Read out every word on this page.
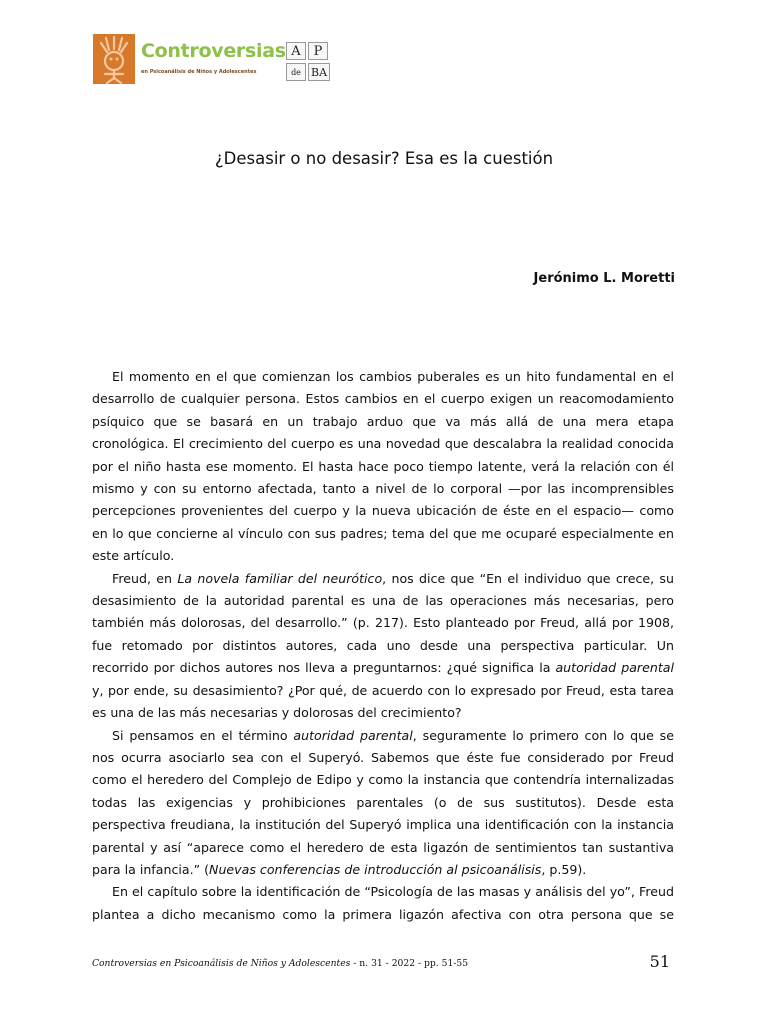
Controversias
en Psicoanálisis de Niños y Adolescentes
A P
de BA
¿Desasir o no desasir? Esa es la cuestión
Jerónimo L. Moretti

El momento en el que comienzan los cambios puberales es un hito fundamental en el desarrollo de cualquier persona. Estos cambios en el cuerpo exigen un reacomodamiento psíquico que se basará en un trabajo arduo que va más allá de una mera etapa cronológica. El crecimiento del cuerpo es una novedad que descalabra la realidad conocida por el niño hasta ese momento. El hasta hace poco tiempo latente, verá la relación con él mismo y con su entorno afectada, tanto a nivel de lo corporal —por las incomprensibles percepciones provenientes del cuerpo y la nueva ubicación de éste en el espacio— como en lo que concierne al vínculo con sus padres; tema del que me ocuparé especialmente en este artículo.

Freud, en La novela familiar del neurótico, nos dice que “En el individuo que crece, su desasimiento de la autoridad parental es una de las operaciones más necesarias, pero también más dolorosas, del desarrollo.” (p. 217). Esto planteado por Freud, allá por 1908, fue retomado por distintos autores, cada uno desde una perspectiva particular. Un recorrido por dichos autores nos lleva a preguntarnos: ¿qué significa la autoridad parental y, por ende, su desasimiento? ¿Por qué, de acuerdo con lo expresado por Freud, esta tarea es una de las más necesarias y dolorosas del crecimiento?

Si pensamos en el término autoridad parental, seguramente lo primero con lo que se nos ocurra asociarlo sea con el Superyó. Sabemos que éste fue considerado por Freud como el heredero del Complejo de Edipo y como la instancia que contendría internalizadas todas las exigencias y prohibiciones parentales (o de sus sustitutos). Desde esta perspectiva freudiana, la institución del Superyó implica una identificación con la instancia parental y así “aparece como el heredero de esta ligazón de sentimientos tan sustantiva para la infancia.” (Nuevas conferencias de introducción al psicoanálisis, p.59).

En el capítulo sobre la identificación de “Psicología de las masas y análisis del yo”, Freud plantea a dicho mecanismo como la primera ligazón afectiva con otra persona que se

Controversias en Psicoanálisis de Niños y Adolescentes - n. 31 - 2022 - pp. 51-55	51
